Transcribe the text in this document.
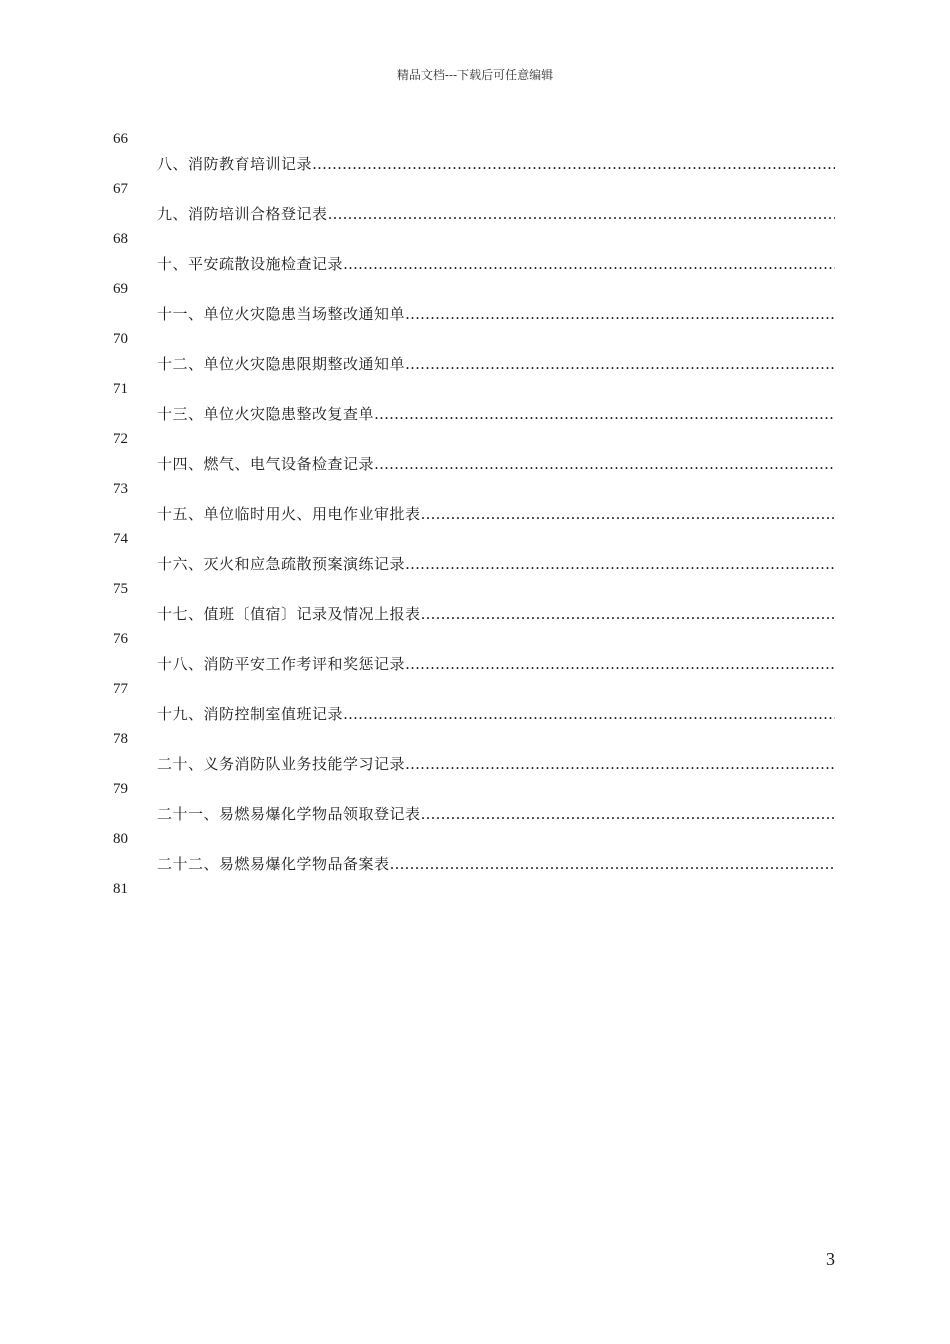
精品文档---下载后可任意编辑
66
八、消防教育培训记录
………………………………………………………………………………………………………………………………………………………………
67
九、消防培训合格登记表
………………………………………………………………………………………………………………………………………………………………
68
十、平安疏散设施检查记录
………………………………………………………………………………………………………………………………………………………………
69
十一、单位火灾隐患当场整改通知单
………………………………………………………………………………………………………………………………………………………………
70
十二、单位火灾隐患限期整改通知单
………………………………………………………………………………………………………………………………………………………………
71
十三、单位火灾隐患整改复查单
………………………………………………………………………………………………………………………………………………………………
72
十四、燃气、电气设备检查记录
………………………………………………………………………………………………………………………………………………………………
73
十五、单位临时用火、用电作业审批表
………………………………………………………………………………………………………………………………………………………………
74
十六、灭火和应急疏散预案演练记录
………………………………………………………………………………………………………………………………………………………………
75
十七、值班〔值宿〕记录及情况上报表
………………………………………………………………………………………………………………………………………………………………
76
十八、消防平安工作考评和奖惩记录
………………………………………………………………………………………………………………………………………………………………
77
十九、消防控制室值班记录
………………………………………………………………………………………………………………………………………………………………
78
二十、义务消防队业务技能学习记录
………………………………………………………………………………………………………………………………………………………………
79
二十一、易燃易爆化学物品领取登记表
………………………………………………………………………………………………………………………………………………………………
80
二十二、易燃易爆化学物品备案表
………………………………………………………………………………………………………………………………………………………………
81
3
